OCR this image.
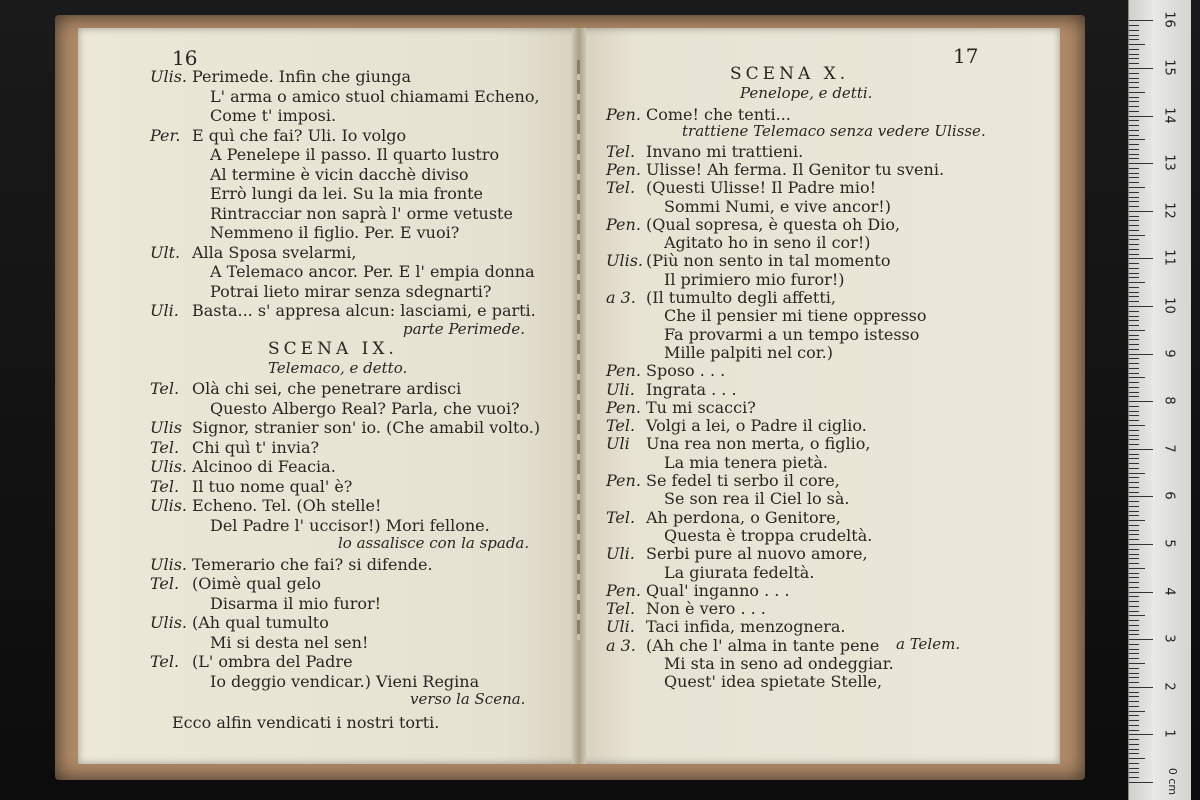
16
Ulis. Perimede. Infin che giunga
L' arma o amico stuol chiamami Echeno,
Come t' imposi.
Per. E quì che fai? Uli. Io volgo
A Penelepe il passo. Il quarto lustro
Al termine è vicin dacchè diviso
Errò lungi da lei. Su la mia fronte
Rintracciar non saprà l' orme vetuste
Nemmeno il figlio. Per. E vuoi?
Ult. Alla Sposa svelarmi,
A Telemaco ancor. Per. E l' empia donna
Potrai lieto mirar senza sdegnarti?
Uli. Basta... s' appresa alcun: lasciami, e parti.
parte Perimede.
SCENA IX.
Telemaco, e detto.
Tel. Olà chi sei, che penetrare ardisci
Questo Albergo Real? Parla, che vuoi?
Ulis Signor, stranier son' io. (Che amabil volto.)
Tel. Chi quì t' invia?
Ulis. Alcinoo di Feacia.
Tel. Il tuo nome qual' è?
Ulis. Echeno. Tel. (Oh stelle!
Del Padre l' uccisor!) Mori fellone.
lo assalisce con la spada.
Ulis. Temerario che fai? si difende.
Tel. (Oimè qual gelo
Disarma il mio furor!
Ulis. (Ah qual tumulto
Mi si desta nel sen!
Tel. (L' ombra del Padre
Io deggio vendicar.) Vieni Regina
verso la Scena.
Ecco alfin vendicati i nostri torti.
17
SCENA X.
Penelope, e detti.
Pen. Come! che tenti...
trattiene Telemaco senza vedere Ulisse.
Tel. Invano mi trattieni.
Pen. Ulisse! Ah ferma. Il Genitor tu sveni.
Tel. (Questi Ulisse! Il Padre mio!
Sommi Numi, e vive ancor!)
Pen. (Qual sopresa, è questa oh Dio,
Agitato ho in seno il cor!)
Ulis. (Più non sento in tal momento
Il primiero mio furor!)
a 3. (Il tumulto degli affetti,
Che il pensier mi tiene oppresso
Fa provarmi a un tempo istesso
Mille palpiti nel cor.)
Pen. Sposo . . .
Uli. Ingrata . . .
Pen. Tu mi scacci?
Tel. Volgi a lei, o Padre il ciglio.
Uli Una rea non merta, o figlio,
La mia tenera pietà.
Pen. Se fedel ti serbo il core,
Se son rea il Ciel lo sà.
Tel. Ah perdona, o Genitore,
Questa è troppa crudeltà.
Uli. Serbi pure al nuovo amore,
La giurata fedeltà.
Pen. Qual' inganno . . .
Tel. Non è vero . . .
Uli. Taci infida, menzognera.
a 3. (Ah che l' alma in tante pene
Mi sta in seno ad ondeggiar.
Quest' idea spietate Stelle,
a Telem.
0 cm
16
15
14
13
12
11
10
9
8
7
6
5
4
3
2
1
